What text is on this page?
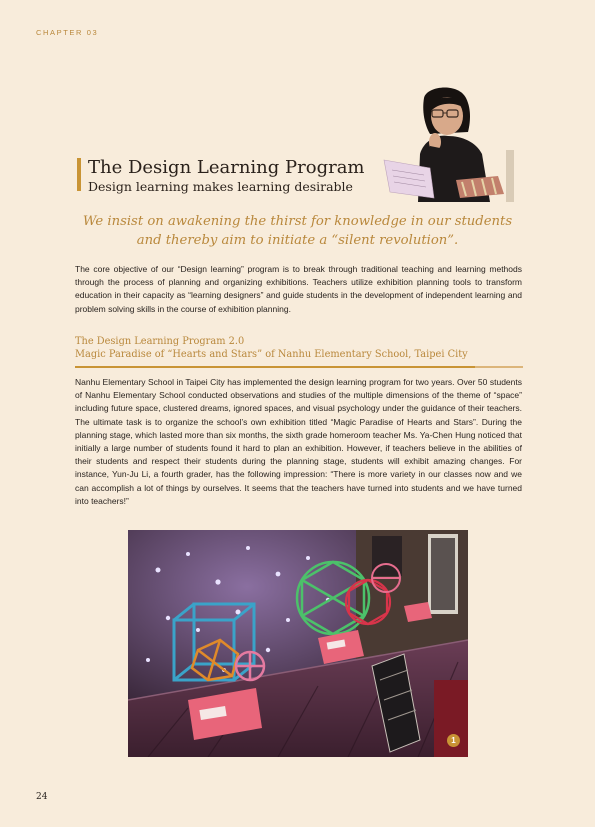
CHAPTER 03
The Design Learning Program
Design learning makes learning desirable
We insist on awakening the thirst for knowledge in our students and thereby aim to initiate a “silent revolution”.
The core objective of our “Design learning” program is to break through traditional teaching and learning methods through the process of planning and organizing exhibitions. Teachers utilize exhibition planning tools to transform education in their capacity as “learning designers” and guide students in the development of independent learning and problem solving skills in the course of exhibition planning.
The Design Learning Program 2.0
Magic Paradise of “Hearts and Stars” of Nanhu Elementary School, Taipei City
Nanhu Elementary School in Taipei City has implemented the design learning program for two years. Over 50 students of Nanhu Elementary School conducted observations and studies of the multiple dimensions of the theme of “space” including future space, clustered dreams, ignored spaces, and visual psychology under the guidance of their teachers. The ultimate task is to organize the school’s own exhibition titled “Magic Paradise of Hearts and Stars”. During the planning stage, which lasted more than six months, the sixth grade homeroom teacher Ms. Ya-Chen Hung noticed that initially a large number of students found it hard to plan an exhibition. However, if teachers believe in the abilities of their students and respect their students during the planning stage, students will exhibit amazing changes. For instance, Yun-Ju Li, a fourth grader, has the following impression: “There is more variety in our classes now and we can accomplish a lot of things by ourselves. It seems that the teachers have turned into students and we have turned into teachers!”
1
24
